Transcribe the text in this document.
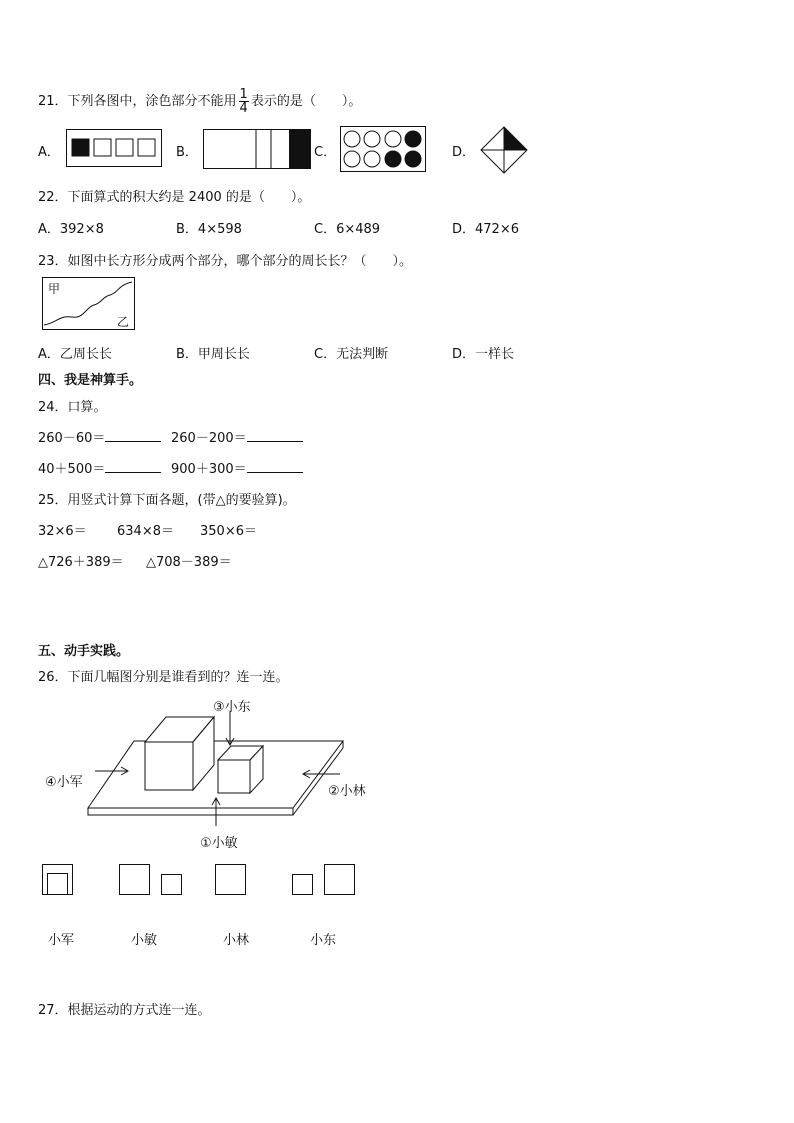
21．下列各图中，涂色部分不能用 $\frac{1}{4}$ 表示的是（　　）。
A．	B．	C．	D．
22．下面算式的积大约是 2400 的是（　　）。
A．392×8	B．4×598	C．6×489	D．472×6
23．如图中长方形分成两个部分，哪个部分的周长长？（　　）。
甲
乙
A．乙周长长	B．甲周长长	C．无法判断	D．一样长
四、我是神算手。
24．口算。
260－60＝	260－200＝
40＋500＝	900＋300＝
25．用竖式计算下面各题，(带△的要验算)。
32×6＝ 634×8＝ 350×6＝
△726＋389＝ △708－389＝
五、动手实践。
26．下面几幅图分别是谁看到的？连一连。
③小东
④小军
②小林
①小敏
小军	小敏	小林	小东
27．根据运动的方式连一连。
